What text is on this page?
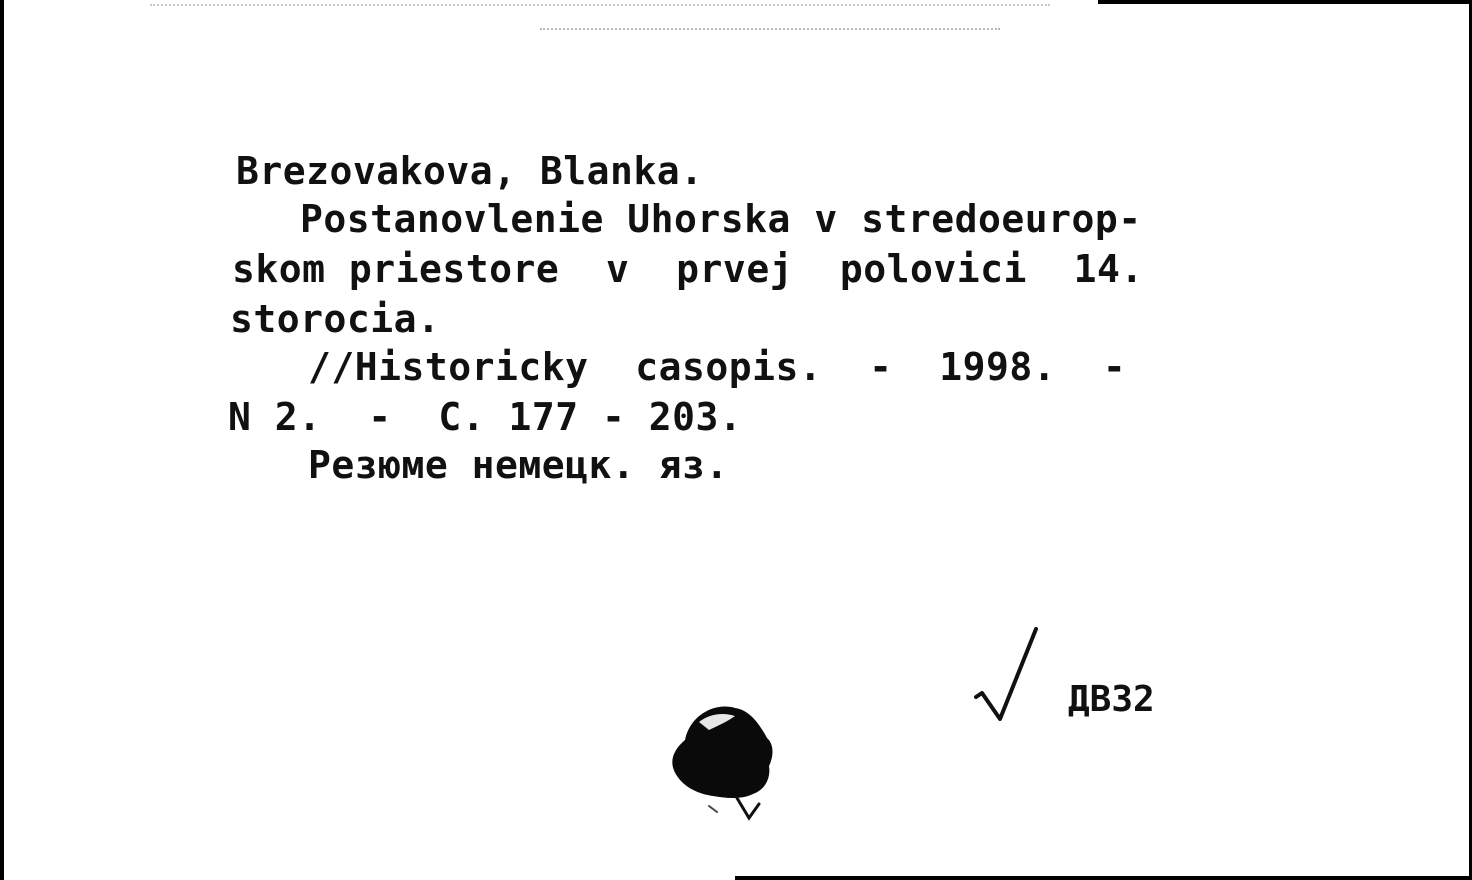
Brezovakova, Blanka.

Postanovlenie Uhorska v stredoeurop-

skom priestore  v  prvej  polovici  14.

storocia.

//Historicky  casopis.  -  1998.  -

N 2.  -  C. 177 - 203.

Резюме немецк. яз.

ДВ32
